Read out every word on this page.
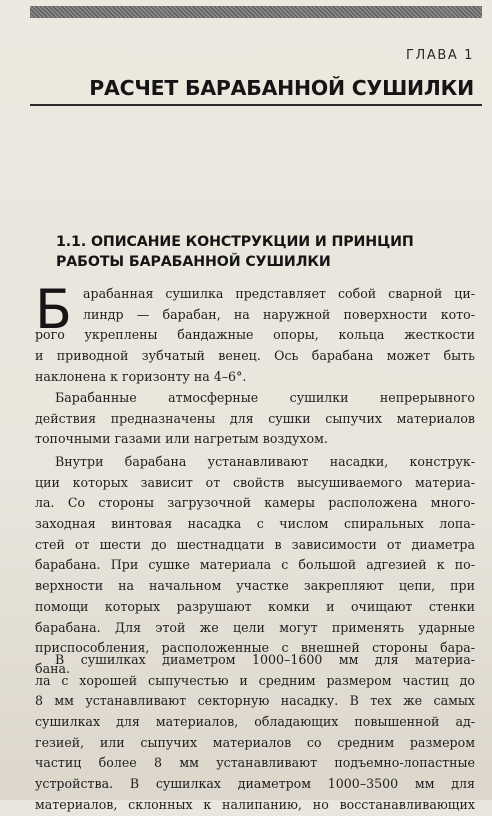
ГЛАВА 1
РАСЧЕТ БАРАБАННОЙ СУШИЛКИ
1.1. ОПИСАНИЕ КОНСТРУКЦИИ И ПРИНЦИП
РАБОТЫ БАРАБАННОЙ СУШИЛКИ
Б арабанная сушилка представляет собой сварной ци-
линдр — барабан, на наружной поверхности кото-
рого укреплены бандажные опоры, кольца жесткости
и приводной зубчатый венец. Ось барабана может быть
наклонена к горизонту на 4–6°.
Барабанные атмосферные сушилки непрерывного
действия предназначены для сушки сыпучих материалов
топочными газами или нагретым воздухом.
Внутри барабана устанавливают насадки, конструк-
ции которых зависит от свойств высушиваемого материа-
ла. Со стороны загрузочной камеры расположена много-
заходная винтовая насадка с числом спиральных лопа-
стей от шести до шестнадцати в зависимости от диаметра
барабана. При сушке материала с большой адгезией к по-
верхности на начальном участке закрепляют цепи, при
помощи которых разрушают комки и очищают стенки
барабана. Для этой же цели могут применять ударные
приспособления, расположенные с внешней стороны бара-
бана.
В сушилках диаметром 1000–1600 мм для материа-
ла с хорошей сыпучестью и средним размером частиц до
8 мм устанавливают секторную насадку. В тех же самых
сушилках для материалов, обладающих повышенной ад-
гезией, или сыпучих материалов со средним размером
частиц более 8 мм устанавливают подъемно-лопастные
устройства. В сушилках диаметром 1000–3500 мм для
материалов, склонных к налипанию, но восстанавливающих
